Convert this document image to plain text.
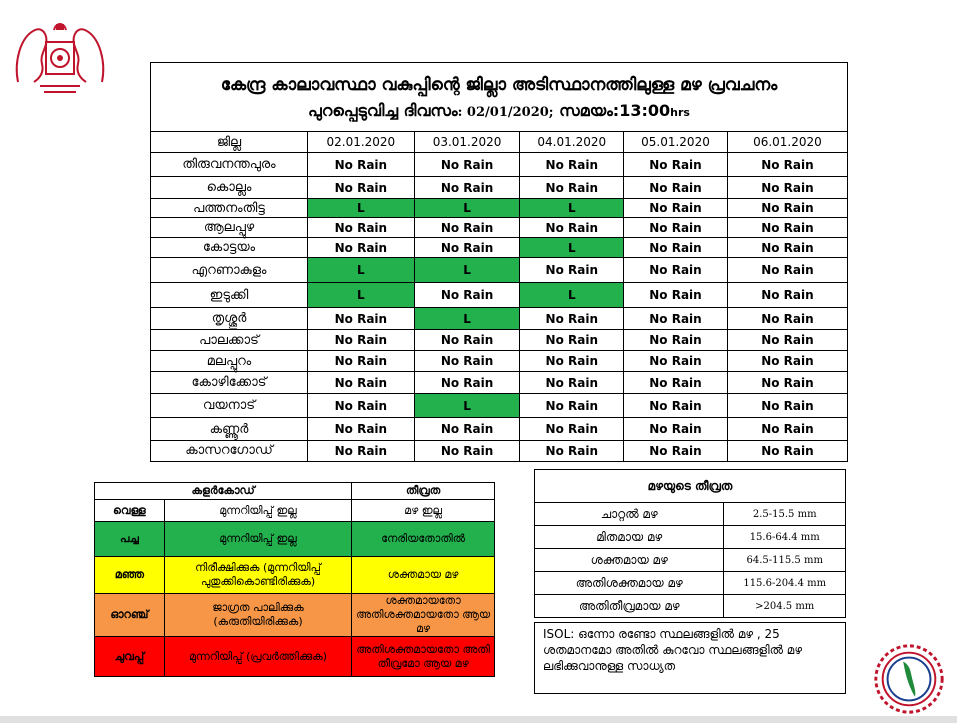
കേന്ദ്ര കാലാവസ്ഥാ വകുപ്പിന്റെ ജില്ലാ അടിസ്ഥാനത്തിലുള്ള മഴ പ്രവചനം
പുറപ്പെടുവിച്ച ദിവസം: 02/01/2020; സമയം:13:00hrs
ജില്ല	02.01.2020	03.01.2020	04.01.2020	05.01.2020	06.01.2020
തിരുവനന്തപുരം	No Rain	No Rain	No Rain	No Rain	No Rain
കൊല്ലം	No Rain	No Rain	No Rain	No Rain	No Rain
പത്തനംതിട്ട	L	L	L	No Rain	No Rain
ആലപ്പുഴ	No Rain	No Rain	No Rain	No Rain	No Rain
കോട്ടയം	No Rain	No Rain	L	No Rain	No Rain
എറണാകുളം	L	L	No Rain	No Rain	No Rain
ഇടുക്കി	L	No Rain	L	No Rain	No Rain
തൃശ്ശൂർ	No Rain	L	No Rain	No Rain	No Rain
പാലക്കാട്	No Rain	No Rain	No Rain	No Rain	No Rain
മലപ്പുറം	No Rain	No Rain	No Rain	No Rain	No Rain
കോഴിക്കോട്	No Rain	No Rain	No Rain	No Rain	No Rain
വയനാട്	No Rain	L	No Rain	No Rain	No Rain
കണ്ണൂർ	No Rain	No Rain	No Rain	No Rain	No Rain
കാസറഗോഡ്	No Rain	No Rain	No Rain	No Rain	No Rain
കളർകോഡ്		തീവ്രത
വെള്ള	മുന്നറിയിപ്പ് ഇല്ല	മഴ ഇല്ല
പച്ച	മുന്നറിയിപ്പ് ഇല്ല	നേരിയതോതിൽ
മഞ്ഞ	നിരീക്ഷിക്കുക (മുന്നറിയിപ്പ് പുതുക്കികൊണ്ടിരിക്കുക)	ശക്തമായ മഴ
ഓറഞ്ച്	ജാഗ്രത പാലിക്കുക (കരുതിയിരിക്കുക)	ശക്തമായതോ അതിശക്തമായതോ ആയ മഴ
ചുവപ്പ്	മുന്നറിയിപ്പ് (പ്രവർത്തിക്കുക)	അതിശക്തമായതോ അതി തീവ്രമോ ആയ മഴ
മഴയുടെ തീവ്രത	
ചാറ്റൽ മഴ	2.5-15.5 mm
മിതമായ മഴ	15.6-64.4 mm
ശക്തമായ മഴ	64.5-115.5 mm
അതിശക്തമായ മഴ	115.6-204.4 mm
അതിതീവ്രമായ മഴ	>204.5 mm
ISOL: ഒന്നോ രണ്ടോ സ്ഥലങ്ങളിൽ മഴ , 25 ശതമാനമോ അതിൽ കുറവോ സ്ഥലങ്ങളിൽ മഴ ലഭിക്കുവാനുള്ള സാധ്യത
